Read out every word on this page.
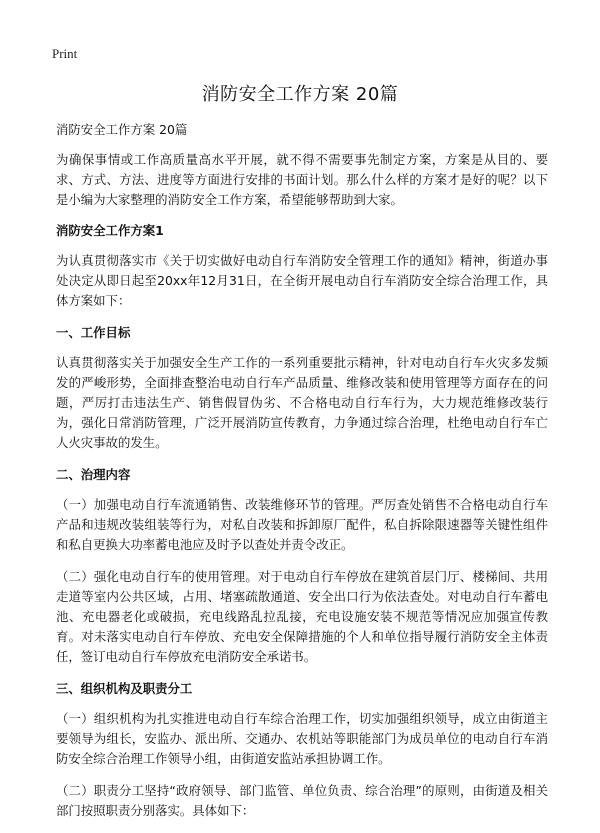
Print
消防安全工作方案 20篇

消防安全工作方案 20篇

为确保事情或工作高质量高水平开展，就不得不需要事先制定方案，方案是从目的、要求、方式、方法、进度等方面进行安排的书面计划。那么什么样的方案才是好的呢？以下是小编为大家整理的消防安全工作方案，希望能够帮助到大家。

消防安全工作方案1

为认真贯彻落实市《关于切实做好电动自行车消防安全管理工作的通知》精神，街道办事处决定从即日起至20xx年12月31日，在全街开展电动自行车消防安全综合治理工作，具体方案如下：

一、工作目标

认真贯彻落实关于加强安全生产工作的一系列重要批示精神，针对电动自行车火灾多发频发的严峻形势，全面排查整治电动自行车产品质量、维修改装和使用管理等方面存在的问题，严厉打击违法生产、销售假冒伪劣、不合格电动自行车行为，大力规范维修改装行为，强化日常消防管理，广泛开展消防宣传教育，力争通过综合治理，杜绝电动自行车亡人火灾事故的发生。

二、治理内容

（一）加强电动自行车流通销售、改装维修环节的管理。严厉查处销售不合格电动自行车产品和违规改装组装等行为，对私自改装和拆卸原厂配件，私自拆除限速器等关键性组件和私自更换大功率蓄电池应及时予以查处并责令改正。

（二）强化电动自行车的使用管理。对于电动自行车停放在建筑首层门厅、楼梯间、共用走道等室内公共区域，占用、堵塞疏散通道、安全出口行为依法查处。对电动自行车蓄电池、充电器老化或破损，充电线路乱拉乱接，充电设施安装不规范等情况应加强宣传教育。对未落实电动自行车停放、充电安全保障措施的个人和单位指导履行消防安全主体责任，签订电动自行车停放充电消防安全承诺书。

三、组织机构及职责分工

（一）组织机构为扎实推进电动自行车综合治理工作，切实加强组织领导，成立由街道主要领导为组长，安监办、派出所、交通办、农机站等职能部门为成员单位的电动自行车消防安全综合治理工作领导小组，由街道安监站承担协调工作。

（二）职责分工坚持“政府领导、部门监管、单位负责、综合治理”的原则，由街道及相关部门按照职责分别落实。具体如下：
